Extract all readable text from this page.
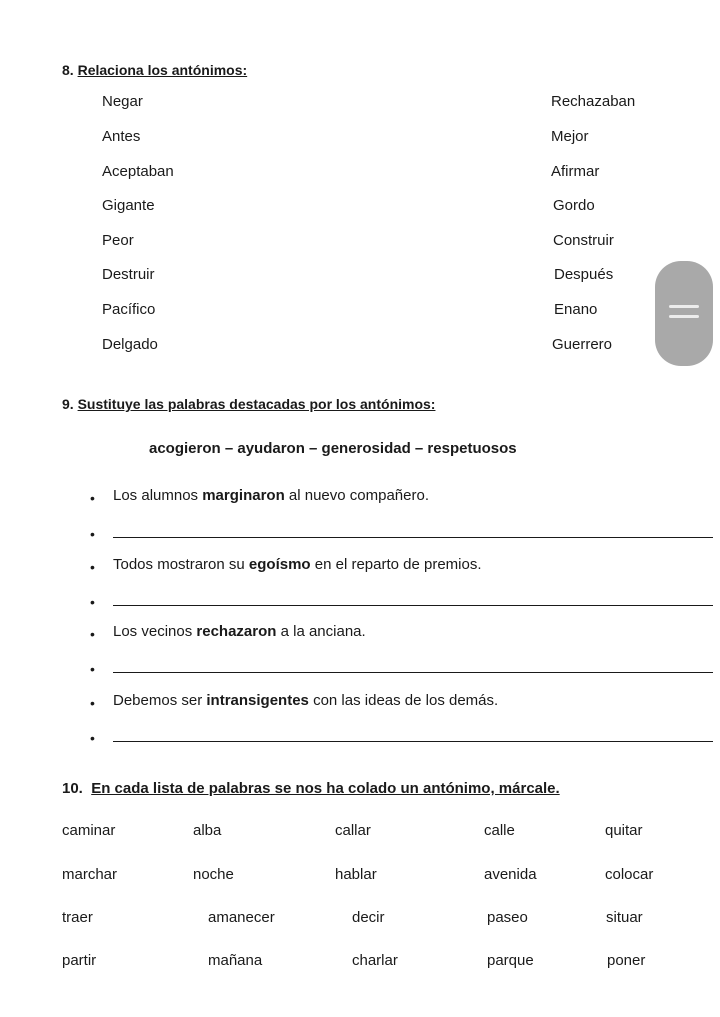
8. Relaciona los antónimos:
Negar
Antes
Aceptaban
Gigante
Peor
Destruir
Pacífico
Delgado
Rechazaban
Mejor
Afirmar
Gordo
Construir
Después
Enano
Guerrero
9. Sustituye las palabras destacadas por los antónimos:
acogieron – ayudaron – generosidad – respetuosos
• Los alumnos marginaron al nuevo compañero.
•
• Todos mostraron su egoísmo en el reparto de premios.
•
• Los vecinos rechazaron a la anciana.
•
• Debemos ser intransigentes con las ideas de los demás.
•
10. En cada lista de palabras se nos ha colado un antónimo, márcale.
caminar	alba	callar	calle	quitar
marchar	noche	hablar	avenida	colocar
traer	amanecer	decir	paseo	situar
partir	mañana	charlar	parque	poner
